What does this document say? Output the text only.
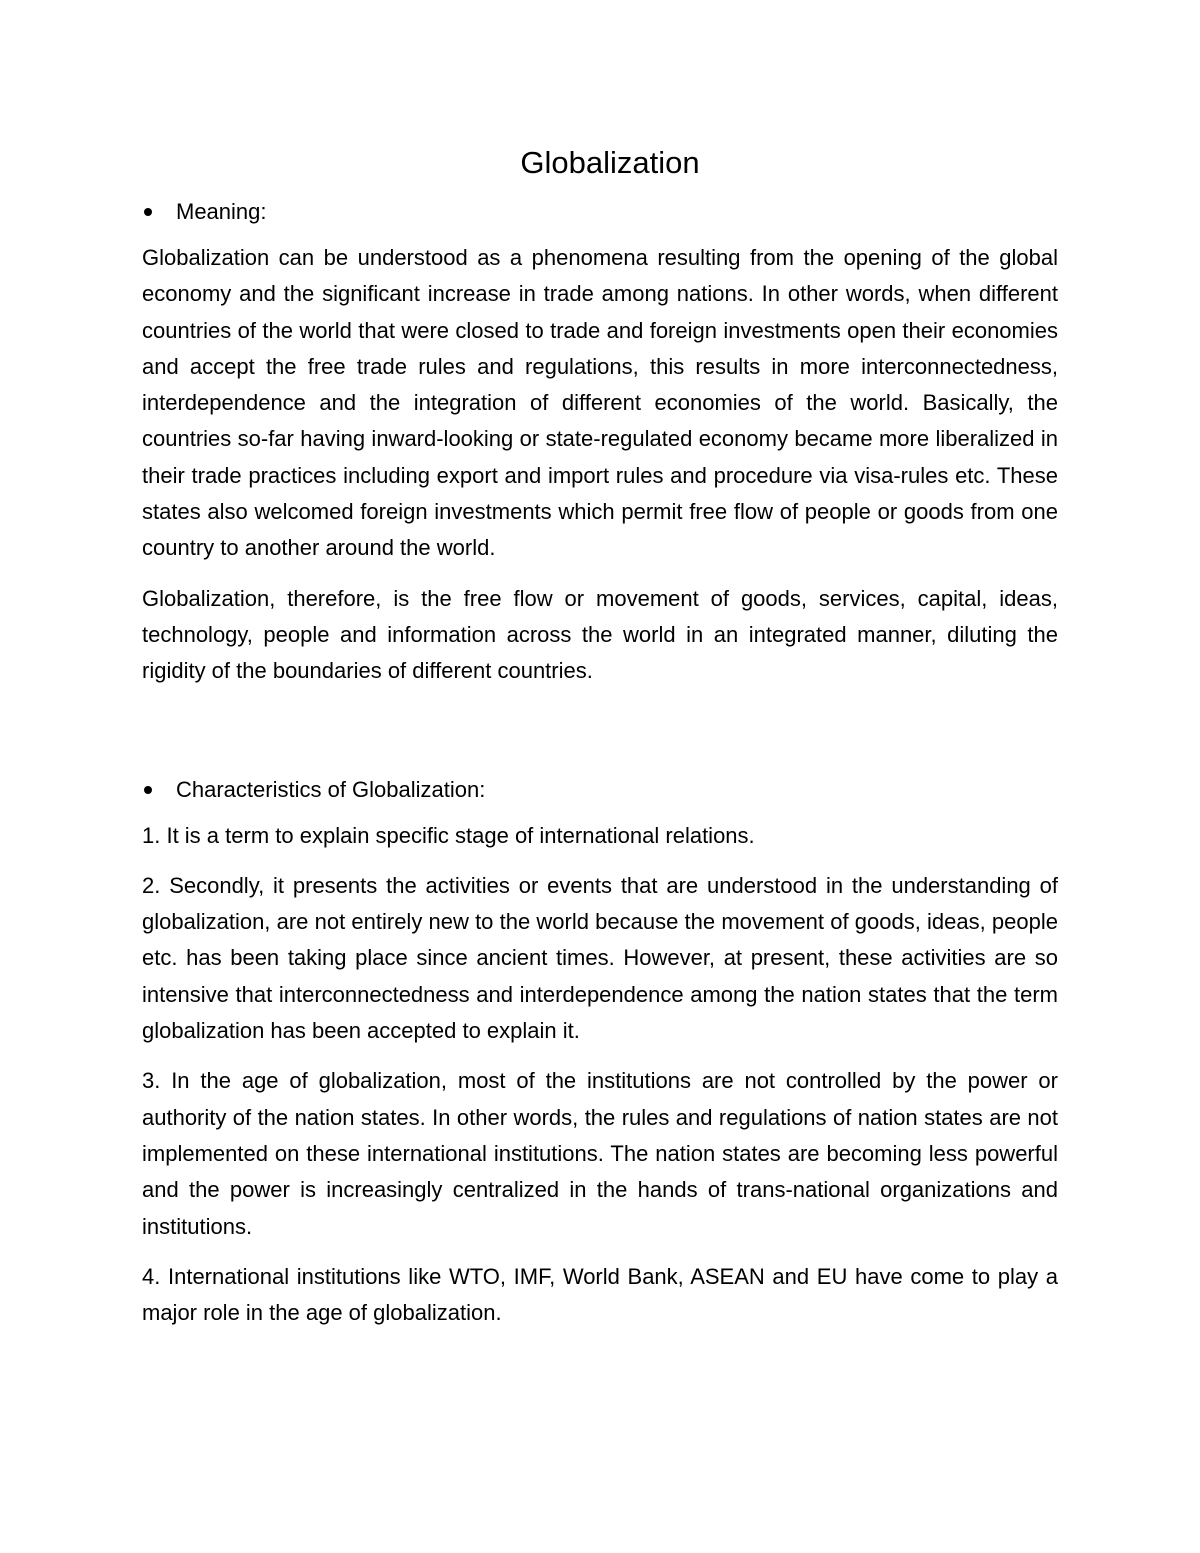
Globalization
Meaning:

Globalization can be understood as a phenomena resulting from the opening of the global economy and the significant increase in trade among nations. In other words, when different countries of the world that were closed to trade and foreign investments open their economies and accept the free trade rules and regulations, this results in more interconnectedness, interdependence and the integration of different economies of the world. Basically, the countries so-far having inward-looking or state-regulated economy became more liberalized in their trade practices including export and import rules and procedure via visa-rules etc. These states also welcomed foreign investments which permit free flow of people or goods from one country to another around the world.

Globalization, therefore, is the free flow or movement of goods, services, capital, ideas, technology, people and information across the world in an integrated manner, diluting the rigidity of the boundaries of different countries.

Characteristics of Globalization:

1. It is a term to explain specific stage of international relations.

2. Secondly, it presents the activities or events that are understood in the understanding of globalization, are not entirely new to the world because the movement of goods, ideas, people etc. has been taking place since ancient times. However, at present, these activities are so intensive that interconnectedness and interdependence among the nation states that the term globalization has been accepted to explain it.

3. In the age of globalization, most of the institutions are not controlled by the power or authority of the nation states. In other words, the rules and regulations of nation states are not implemented on these international institutions. The nation states are becoming less powerful and the power is increasingly centralized in the hands of trans-national organizations and institutions.

4. International institutions like WTO, IMF, World Bank, ASEAN and EU have come to play a major role in the age of globalization.
